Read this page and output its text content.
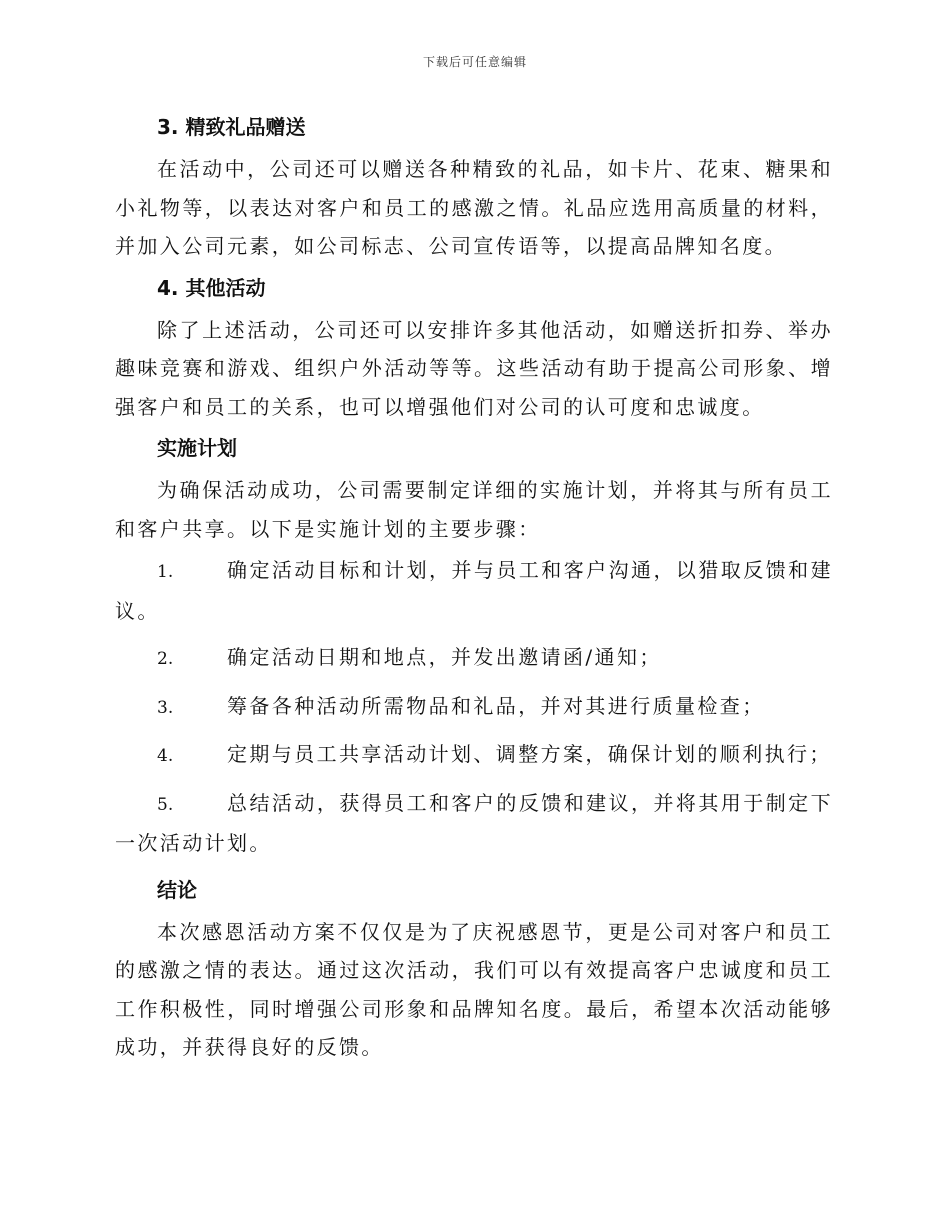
下载后可任意编辑
3. 精致礼品赠送

在活动中，公司还可以赠送各种精致的礼品，如卡片、花束、糖果和小礼物等，以表达对客户和员工的感激之情。礼品应选用高质量的材料，并加入公司元素，如公司标志、公司宣传语等，以提高品牌知名度。

4. 其他活动

除了上述活动，公司还可以安排许多其他活动，如赠送折扣券、举办趣味竞赛和游戏、组织户外活动等等。这些活动有助于提高公司形象、增强客户和员工的关系，也可以增强他们对公司的认可度和忠诚度。

实施计划

为确保活动成功，公司需要制定详细的实施计划，并将其与所有员工和客户共享。以下是实施计划的主要步骤：

1.	确定活动目标和计划，并与员工和客户沟通，以猎取反馈和建议。

2.	确定活动日期和地点，并发出邀请函/通知；

3.	筹备各种活动所需物品和礼品，并对其进行质量检查；

4.	定期与员工共享活动计划、调整方案，确保计划的顺利执行；

5.	总结活动，获得员工和客户的反馈和建议，并将其用于制定下一次活动计划。

结论

本次感恩活动方案不仅仅是为了庆祝感恩节，更是公司对客户和员工的感激之情的表达。通过这次活动，我们可以有效提高客户忠诚度和员工工作积极性，同时增强公司形象和品牌知名度。最后，希望本次活动能够成功，并获得良好的反馈。
